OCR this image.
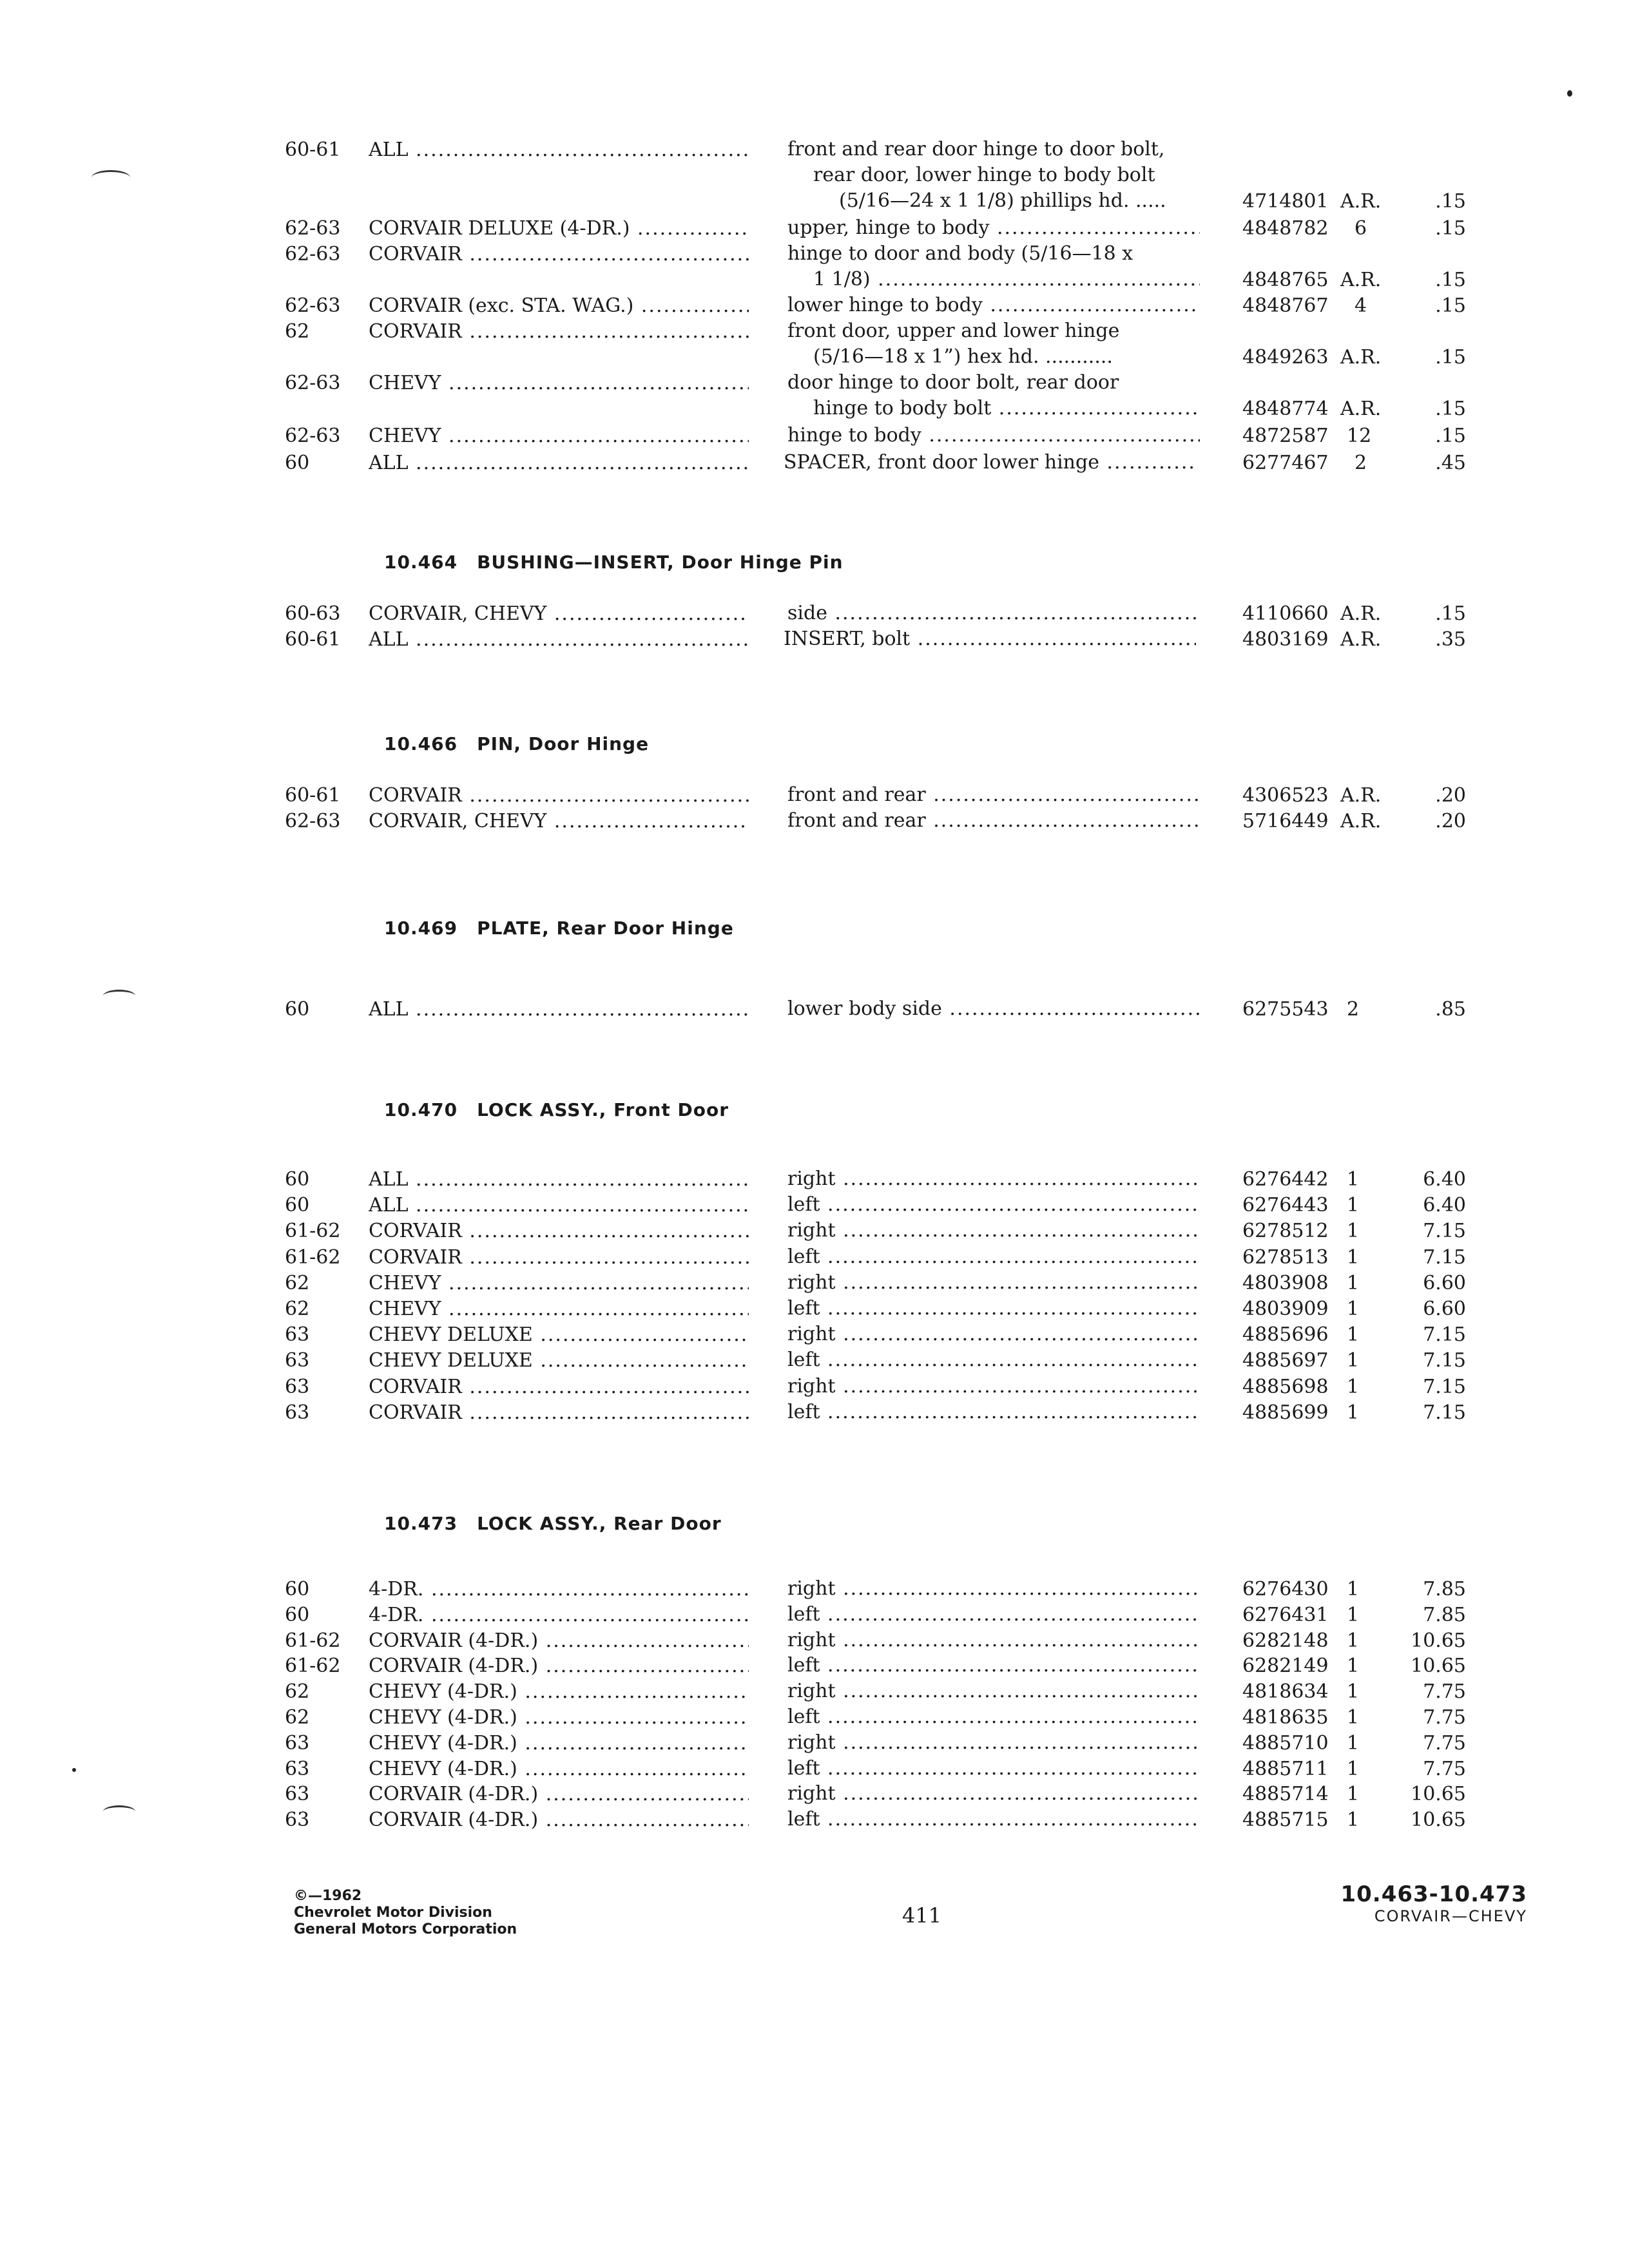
60-61	ALL .....	front and rear door hinge to door bolt,
rear door, lower hinge to body bolt
(5/16—24 x 1 1/8) phillips hd. .....	4714801 A.R.	.15
62-63	CORVAIR DELUXE (4-DR.) .....	upper, hinge to body .....	4848782	6	.15
62-63	CORVAIR .....	hinge to door and body (5/16—18 x
1 1/8) .....	4848765 A.R.	.15
62-63	CORVAIR (exc. STA. WAG.) .....	lower hinge to body .....	4848767	4	.15
62	CORVAIR .....	front door, upper and lower hinge
(5/16—18 x 1”) hex hd. ...........	4849263 A.R.	.15
62-63	CHEVY .....	door hinge to door bolt, rear door
hinge to body bolt .....	4848774 A.R.	.15
62-63	CHEVY .....	hinge to body .....	4872587 12	.15
60	ALL .....	SPACER, front door lower hinge .....	6277467	2	.45
10.464 BUSHING—INSERT, Door Hinge Pin
60-63	CORVAIR, CHEVY .....	side .....	4110660 A.R.	.15
60-61	ALL .....	INSERT, bolt .....	4803169 A.R.	.35
10.466 PIN, Door Hinge
60-61	CORVAIR .....	front and rear .....	4306523 A.R.	.20
62-63	CORVAIR, CHEVY .....	front and rear .....	5716449 A.R.	.20
10.469 PLATE, Rear Door Hinge
60	ALL .....	lower body side .....	6275543 2	.85
10.470 LOCK ASSY., Front Door
60	ALL .....	right .....	6276442 1	6.40
60	ALL .....	left .....	6276443 1	6.40
61-62	CORVAIR .....	right .....	6278512 1	7.15
61-62	CORVAIR .....	left .....	6278513 1	7.15
62	CHEVY .....	right .....	4803908 1	6.60
62	CHEVY .....	left .....	4803909 1	6.60
63	CHEVY DELUXE .....	right .....	4885696 1	7.15
63	CHEVY DELUXE .....	left .....	4885697 1	7.15
63	CORVAIR .....	right .....	4885698 1	7.15
63	CORVAIR .....	left .....	4885699 1	7.15
10.473 LOCK ASSY., Rear Door
60	4-DR. .....	right .....	6276430 1	7.85
60	4-DR. .....	left .....	6276431 1	7.85
61-62	CORVAIR (4-DR.) .....	right .....	6282148 1	10.65
61-62	CORVAIR (4-DR.) .....	left .....	6282149 1	10.65
62	CHEVY (4-DR.) .....	right .....	4818634 1	7.75
62	CHEVY (4-DR.) .....	left .....	4818635 1	7.75
63	CHEVY (4-DR.) .....	right .....	4885710 1	7.75
63	CHEVY (4-DR.) .....	left .....	4885711 1	7.75
63	CORVAIR (4-DR.) .....	right .....	4885714 1	10.65
63	CORVAIR (4-DR.) .....	left .....	4885715 1	10.65
©—1962
Chevrolet Motor Division
General Motors Corporation
411
10.463-10.473
CORVAIR—CHEVY
